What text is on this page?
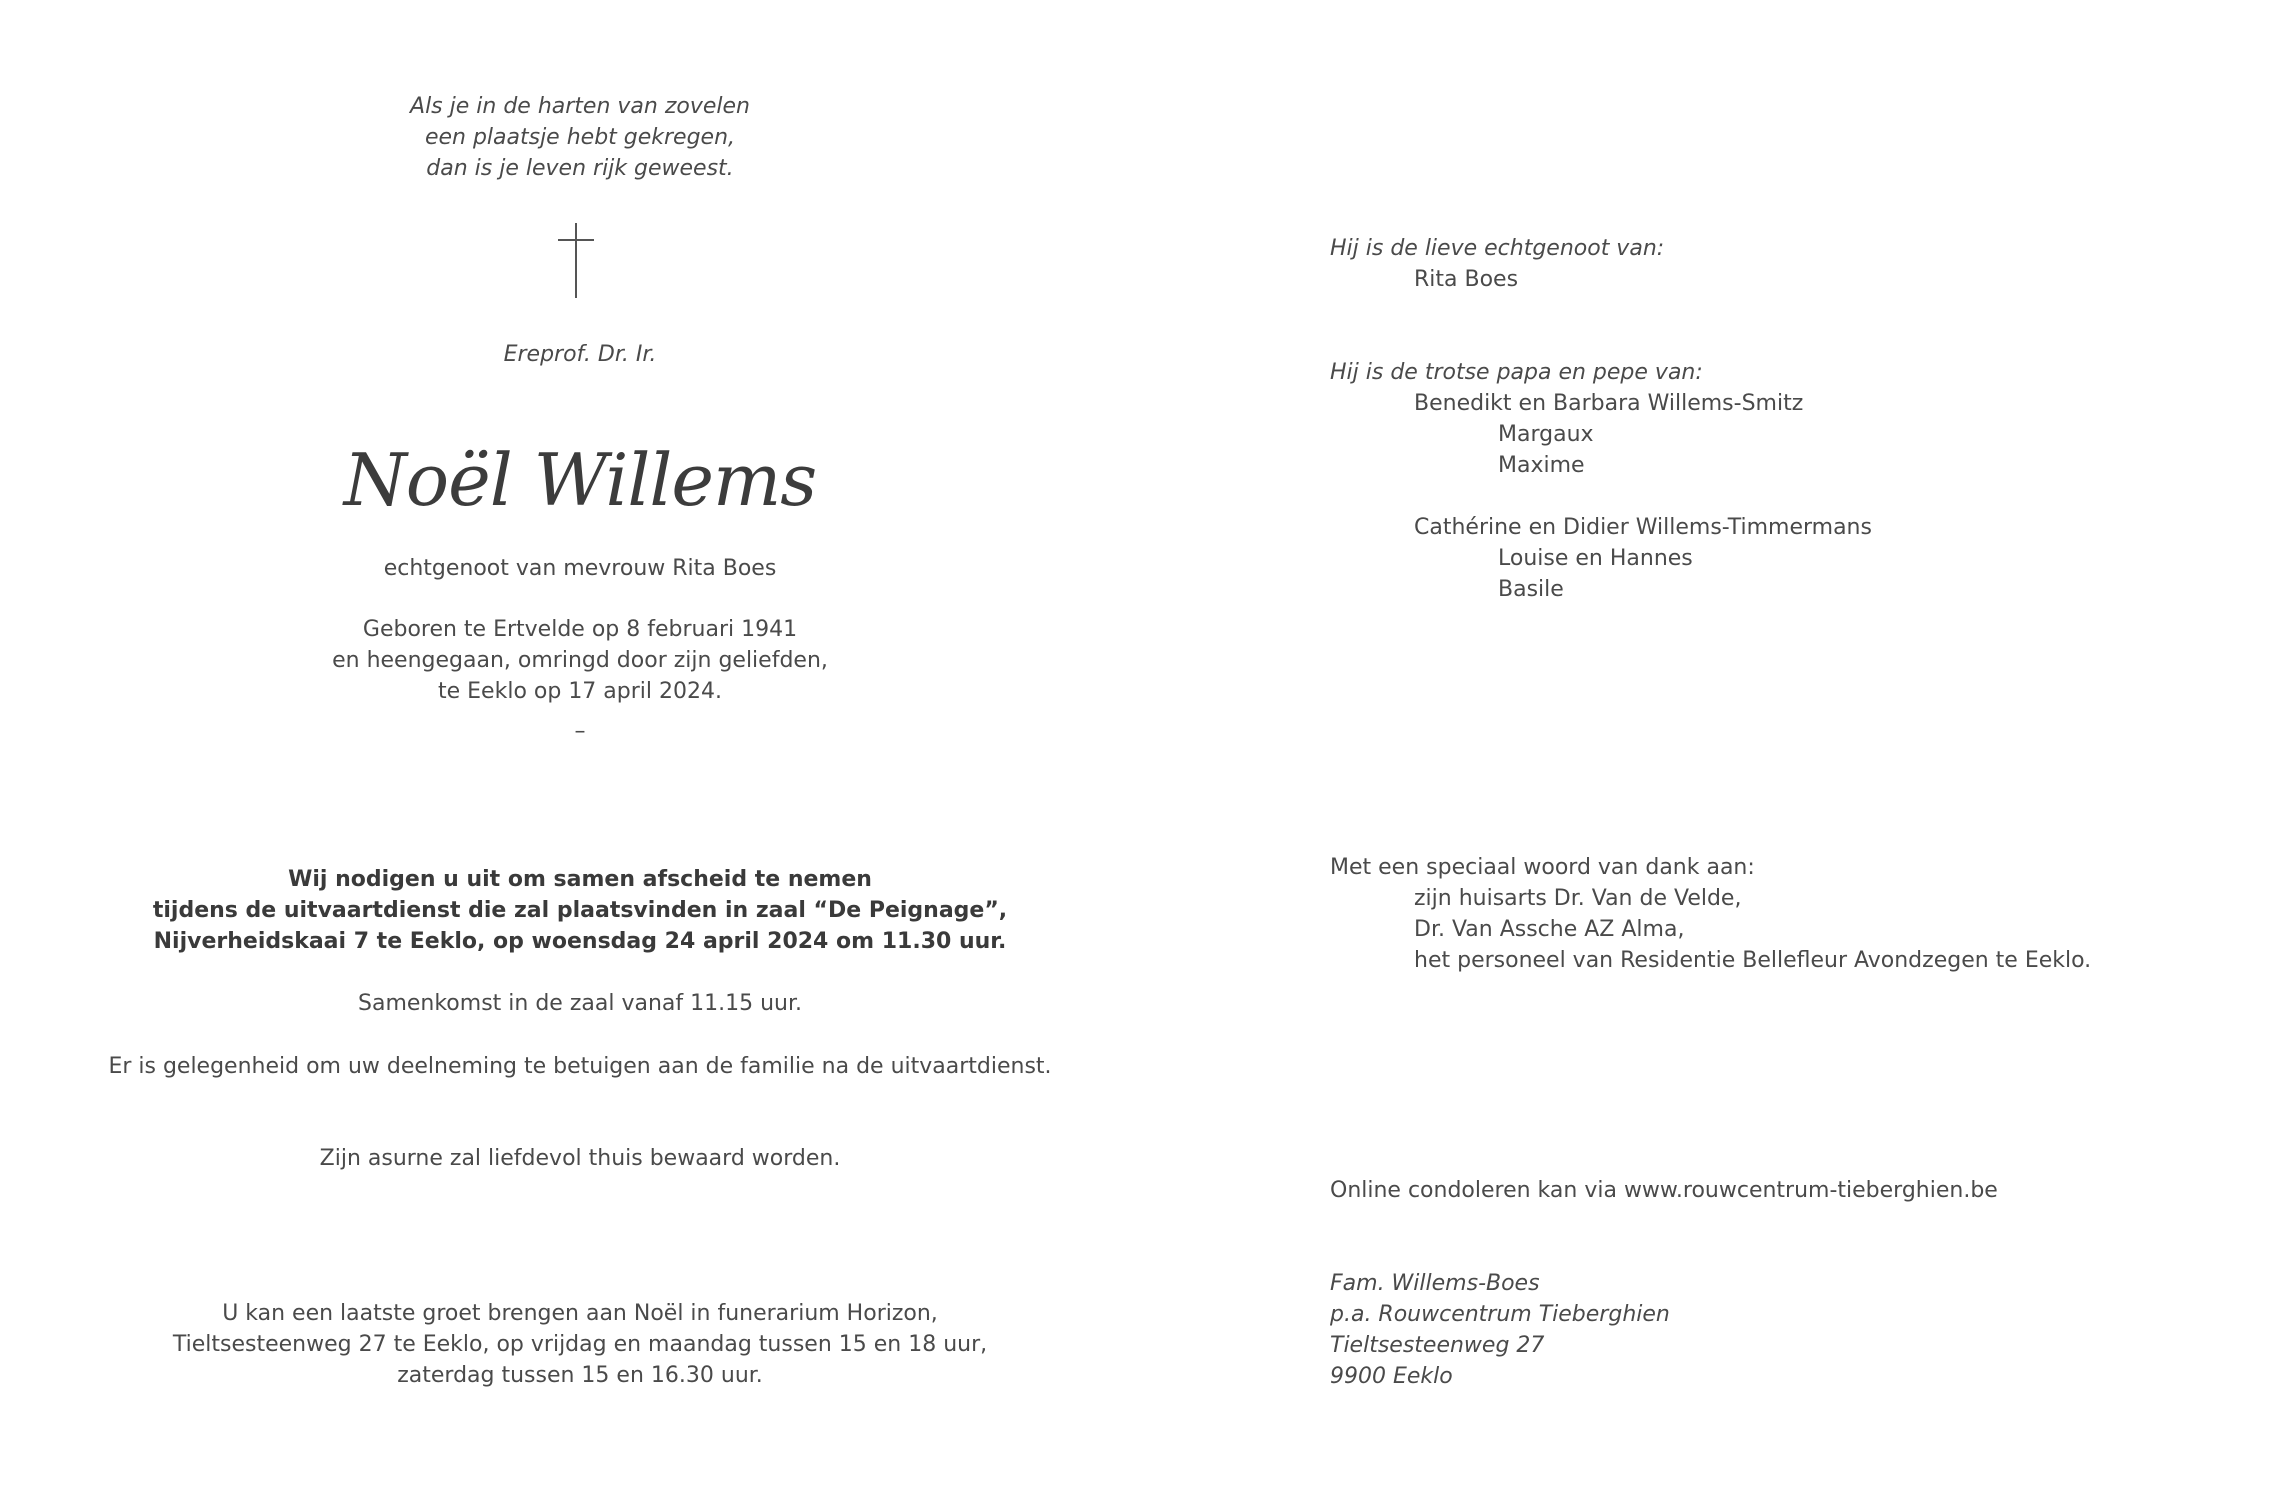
Als je in de harten van zovelen
een plaatsje hebt gekregen,
dan is je leven rijk geweest.
Ereprof. Dr. Ir.
Noël Willems
echtgenoot van mevrouw Rita Boes
Geboren te Ertvelde op 8 februari 1941
en heengegaan, omringd door zijn geliefden,
te Eeklo op 17 april 2024.
–
Wij nodigen u uit om samen afscheid te nemen
tijdens de uitvaartdienst die zal plaatsvinden in zaal “De Peignage”,
Nijverheidskaai 7 te Eeklo, op woensdag 24 april 2024 om 11.30 uur.
Samenkomst in de zaal vanaf 11.15 uur.
Er is gelegenheid om uw deelneming te betuigen aan de familie na de uitvaartdienst.
Zijn asurne zal liefdevol thuis bewaard worden.
U kan een laatste groet brengen aan Noël in funerarium Horizon,
Tieltsesteenweg 27 te Eeklo, op vrijdag en maandag tussen 15 en 18 uur,
zaterdag tussen 15 en 16.30 uur.
Hij is de lieve echtgenoot van:
Rita Boes
Hij is de trotse papa en pepe van:
Benedikt en Barbara Willems-Smitz
Margaux
Maxime
Cathérine en Didier Willems-Timmermans
Louise en Hannes
Basile
Met een speciaal woord van dank aan:
zijn huisarts Dr. Van de Velde,
Dr. Van Assche AZ Alma,
het personeel van Residentie Bellefleur Avondzegen te Eeklo.
Online condoleren kan via www.rouwcentrum-tieberghien.be
Fam. Willems-Boes
p.a. Rouwcentrum Tieberghien
Tieltsesteenweg 27
9900 Eeklo
